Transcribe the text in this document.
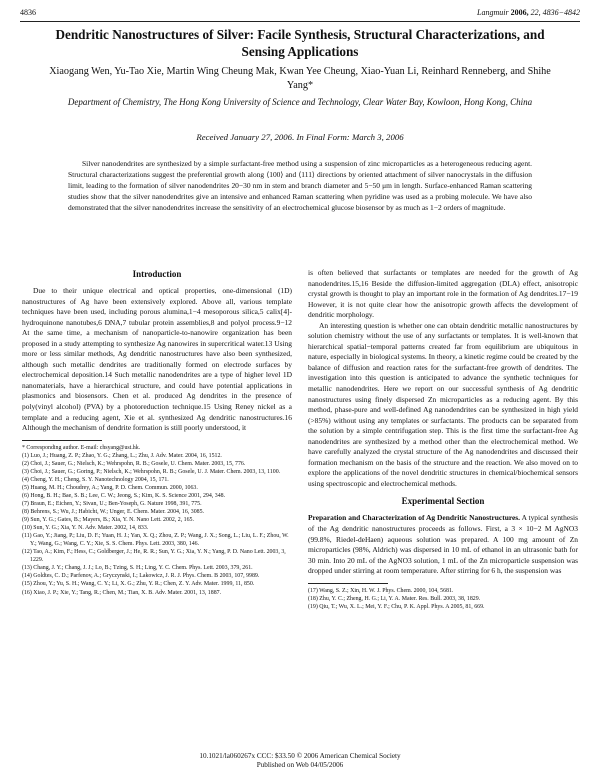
4836	Langmuir 2006, 22, 4836−4842
Dendritic Nanostructures of Silver: Facile Synthesis, Structural Characterizations, and Sensing Applications
Xiaogang Wen, Yu-Tao Xie, Martin Wing Cheung Mak, Kwan Yee Cheung, Xiao-Yuan Li, Reinhard Renneberg, and Shihe Yang*
Department of Chemistry, The Hong Kong University of Science and Technology, Clear Water Bay, Kowloon, Hong Kong, China
Received January 27, 2006. In Final Form: March 3, 2006
Silver nanodendrites are synthesized by a simple surfactant-free method using a suspension of zinc microparticles as a heterogeneous reducing agent. Structural characterizations suggest the preferential growth along ⟨100⟩ and ⟨111⟩ directions by oriented attachment of silver nanocrystals in the diffusion limit, leading to the formation of silver nanodendrites 20−30 nm in stem and branch diameter and 5−50 μm in length. Surface-enhanced Raman scattering studies show that the silver nanodendrites give an intensive and enhanced Raman scattering when pyridine was used as a probing molecule. We have also demonstrated that the silver nanodendrites increase the sensitivity of an electrochemical glucose biosensor by as much as 1−2 orders of magnitude.
Introduction

Due to their unique electrical and optical properties, one-dimensional (1D) nanostructures of Ag have been extensively explored. Above all, various template techniques have been used, including porous alumina,1−4 mesoporous silica,5 calix[4]-hydroquinone nanotubes,6 DNA,7 tubular protein assemblies,8 and polyol process.9−12 At the same time, a mechanism of nanoparticle-to-nanowire organization has been proposed in a study attempting to synthesize Ag nanowires in supercritical water.13 Using more or less similar methods, Ag dendritic nanostructures have also been synthesized, although such metallic dendrites are traditionally formed on electrode surfaces by electrochemical deposition.14 Such metallic nanodendrites are a type of higher level 1D nanomaterials, have a hierarchical structure, and could have potential applications in plasmonics and biosensors. Chen et al. produced Ag dendrites in the presence of poly(vinyl alcohol) (PVA) by a photoreduction technique.15 Using Reney nickel as a template and a reducing agent, Xie et al. synthesized Ag dendritic nanostructures.16 Although the mechanism of dendrite formation is still poorly understood, it

* Corresponding author. E-mail: chsyang@ust.hk.
(1) Luo, J.; Huang, Z. P.; Zhao, Y. G.; Zhang, L.; Zhu, J. Adv. Mater. 2004, 16, 1512.
(2) Choi, J.; Sauer, G.; Nielsch, K.; Wehrspohn, R. B.; Gosele, U. Chem. Mater. 2003, 15, 776.
(3) Choi, J.; Sauer, G.; Goring, P.; Nielsch, K.; Wehrspohn, R. B.; Gosele, U. J. Mater. Chem. 2003, 13, 1100.
(4) Cheng, Y. H.; Cheng, S. Y. Nanotechnology 2004, 15, 171.
(5) Huang, M. H.; Choudrey, A.; Yang, P. D. Chem. Commun. 2000, 1063.
(6) Hong, B. H.; Bae, S. B.; Lee, C. W.; Jeong, S.; Kim, K. S. Science 2001, 294, 348.
(7) Braun, E.; Eichen, Y.; Sivan, U.; Ben-Yoseph, G. Nature 1998, 391, 775.
(8) Behrens, S.; Wu, J.; Habicht, W.; Unger, E. Chem. Mater. 2004, 16, 3085.
(9) Sun, Y. G.; Gates, B.; Mayers, B.; Xia, Y. N. Nano Lett. 2002, 2, 165.
(10) Sun, Y. G.; Xia, Y. N. Adv. Mater. 2002, 14, 833.
(11) Gao, Y.; Jiang, P.; Liu, D. F.; Yuan, H. J.; Yan, X. Q.; Zhou, Z. P.; Wang, J. X.; Song, L.; Liu, L. F.; Zhou, W. Y.; Wang, G.; Wang, C. Y.; Xie, S. S. Chem. Phys. Lett. 2003, 380, 146.
(12) Tao, A.; Kim, F.; Hess, C.; Goldberger, J.; He, R. R.; Sun, Y. G.; Xia, Y. N.; Yang, P. D. Nano Lett. 2003, 3, 1229.
(13) Chang, J. Y.; Chang, J. J.; Lo, B.; Tzing, S. H.; Ling, Y. C. Chem. Phys. Lett. 2003, 379, 261.
(14) Goldtes, C. D.; Parfenov, A.; Gryczynski, I.; Lakowicz, J. R. J. Phys. Chem. B 2003, 107, 9989.
(15) Zhou, Y.; Yu, S. H.; Wang, C. Y.; Li, X. G.; Zhu, Y. R.; Chen, Z. Y. Adv. Mater. 1999, 11, 850.
(16) Xiao, J. P.; Xie, Y.; Tang, R.; Chen, M.; Tian, X. B. Adv. Mater. 2001, 13, 1887.

is often believed that surfactants or templates are needed for the growth of Ag nanodendrites.15,16 Beside the diffusion-limited aggregation (DLA) effect, anisotropic crystal growth is thought to play an important role in the formation of Ag dendrites.17−19 However, it is not quite clear how the anisotropic growth affects the development of dendritic morphology.

An interesting question is whether one can obtain dendritic metallic nanostructures by solution chemistry without the use of any surfactants or templates. It is well-known that hierarchical spatial−temporal patterns created far from equilibrium are ubiquitous in nature, especially in biological systems. In theory, a kinetic regime could be created by the balance of diffusion and reaction rates for the surfactant-free growth of dendrites. The investigation into this question is anticipated to advance the synthetic techniques for metallic nanodendrites. Here we report on our successful synthesis of Ag dendritic nanostructures using finely dispersed Zn microparticles as a reducing agent. By this method, phase-pure and well-defined Ag nanodendrites can be synthesized in high yield (>85%) without using any templates or surfactants. The products can be separated from the solution by a simple centrifugation step. This is the first time the surfactant-free Ag nanodendrites are synthesized by a method other than the electrochemical method. We have carefully analyzed the crystal structure of the Ag nanodendrites and discussed their formation mechanism on the basis of the structure and the reaction. We also moved on to explore the applications of the novel dendritic structures in chemical/biochemical sensors using spectroscopic and electrochemical methods.

Experimental Section

Preparation and Characterization of Ag Dendritic Nanostructures. A typical synthesis of the Ag dendritic nanostructures proceeds as follows. First, a 3 × 10−2 M AgNO3 (99.8%, Riedel-deHaen) aqueous solution was prepared. A 100 mg amount of Zn microparticles (98%, Aldrich) was dispersed in 10 mL of ethanol in an ultrasonic bath for 30 min. Into 20 mL of the AgNO3 solution, 1 mL of the Zn microparticle suspension was dropped under stirring at room temperature. After stirring for 6 h, the suspension was

(17) Wang, S. Z.; Xin, H. W. J. Phys. Chem. 2000, 104, 5681.
(18) Zhu, Y. C.; Zheng, H. G.; Li, Y. A. Mater. Res. Bull. 2003, 38, 1829.
(19) Qiu, T.; Wu, X. L.; Mei, Y. F.; Chu, P. K. Appl. Phys. A 2005, 81, 669.
10.1021/la060267x CCC: $33.50 © 2006 American Chemical Society
Published on Web 04/05/2006
